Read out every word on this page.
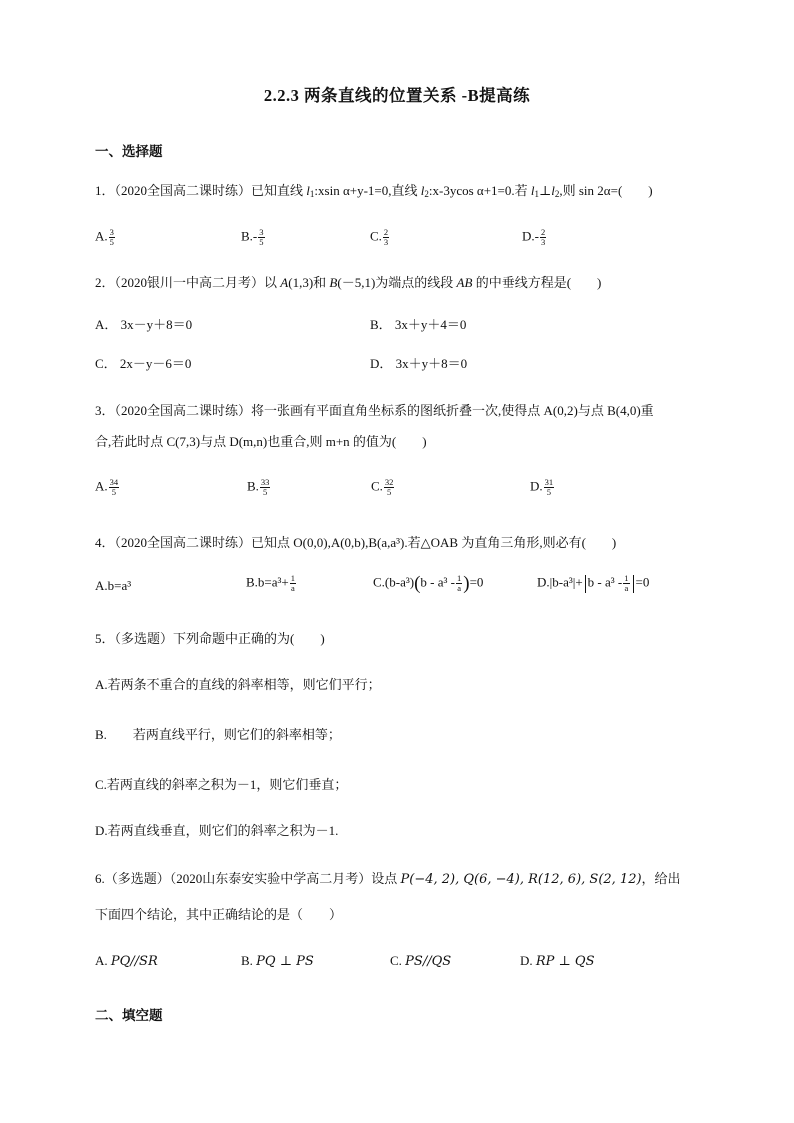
2.2.3 两条直线的位置关系 -B提高练
一、选择题
1．（2020全国高二课时练）已知直线 $l_1:xsin$ α+y-1=0,直线 $l_2:x-3ycos$ α+1=0.若 $l_1\perp l_2$,则 sin 2α=(　　)
A. $\frac{3}{5}$	$B.- \frac{3}{5}$	C. $\frac{2}{3}$	$D.- \frac{2}{3}$
2．（2020银川一中高二月考）以 A(1,3)和 B(－5,1)为端点的线段 AB 的中垂线方程是(　　)
A． 3x－y＋8＝0	B． 3x＋y＋4＝0
C． 2x－y－6＝0	D． 3x＋y＋8＝0
3．（2020全国高二课时练）将一张画有平面直角坐标系的图纸折叠一次,使得点 A(0,2)与点 B(4,0)重
合,若此时点 C(7,3)与点 D(m,n)也重合,则 m+n 的值为(　　)
A. $\frac{34}{5}$	B. $\frac{33}{5}$	C. $\frac{32}{5}$	D. $\frac{31}{5}$
4．（2020全国高二课时练）已知点 O(0,0),A(0,b),B(a,a³).若△OAB 为直角三角形,则必有(　　)
A.b=a³	$B.b=a^3+ \frac{1}{a}$	$C.(b-a^3)(b - a^3 - \frac{1}{a} )=0$	$D.|b-a^3|+ b - a^3 - \frac{1}{a} =0$
5．（多选题）下列命题中正确的为(　　)
A.若两条不重合的直线的斜率相等，则它们平行；
B.　　若两直线平行，则它们的斜率相等；
C.若两直线的斜率之积为－1，则它们垂直；
D.若两直线垂直，则它们的斜率之积为－1.
6.（多选题）（2020山东泰安实验中学高二月考）设点 P(−4, 2), Q(6, −4), R(12, 6), S(2, 12)，给出
下面四个结论，其中正确结论的是（　　）
A. PQ//SR	B. PQ ⊥ PS	C. PS//QS	D. RP ⊥ QS
二、填空题
